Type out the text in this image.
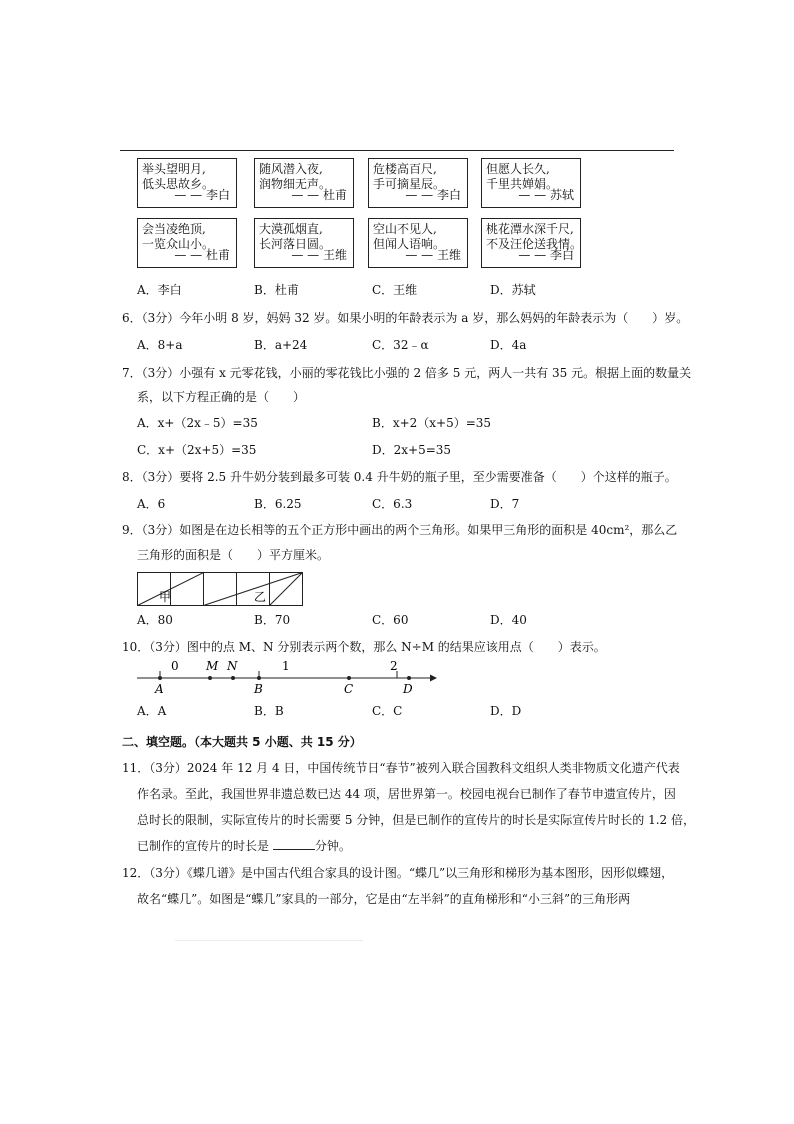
举头望明月,
低头思故乡。
— — 李白
随风潜入夜,
润物细无声。
— — 杜甫
危楼高百尺,
手可摘星辰。
— — 李白
但愿人长久,
千里共婵娟。
— — 苏轼
会当凌绝顶,
一览众山小。
— — 杜甫
大漠孤烟直,
长河落日圆。
— — 王维
空山不见人,
但闻人语响。
— — 王维
桃花潭水深千尺,
不及汪伦送我情。
— — 李白
A．李白	B．杜甫	C．王维	D．苏轼
6．（3分）今年小明 8 岁，妈妈 32 岁。如果小明的年龄表示为 a 岁，那么妈妈的年龄表示为（　　）岁。
A．8+a	B．a+24	C．32﹣α	D．4a
7．（3分）小强有 x 元零花钱，小丽的零花钱比小强的 2 倍多 5 元，两人一共有 35 元。根据上面的数量关
系，以下方程正确的是（　　）
A．x+（2x﹣5）=35	B．x+2（x+5）=35
C．x+（2x+5）=35	D．2x+5=35
8．（3分）要将 2.5 升牛奶分装到最多可装 0.4 升牛奶的瓶子里，至少需要准备（　　）个这样的瓶子。
A．6	B．6.25	C．6.3	D．7
9．（3分）如图是在边长相等的五个正方形中画出的两个三角形。如果甲三角形的面积是 40cm²，那么乙
三角形的面积是（　　）平方厘米。
甲	乙
A．80	B．70	C．60	D．40
10．（3分）图中的点 M、N 分别表示两个数，那么 N÷M 的结果应该用点（　　）表示。
0 M N	1	2
A	B	C	D
A．A	B．B	C．C	D．D
二、填空题。（本大题共 5 小题、共 15 分）
11．（3分）2024 年 12 月 4 日，中国传统节日“春节”被列入联合国教科文组织人类非物质文化遗产代表
作名录。至此，我国世界非遗总数已达 44 项，居世界第一。校园电视台已制作了春节申遗宣传片，因
总时长的限制，实际宣传片的时长需要 5 分钟，但是已制作的宣传片的时长是实际宣传片时长的 1.2 倍，
已制作的宣传片的时长是	分钟。
12．（3分）《蝶几谱》是中国古代组合家具的设计图。“蝶几”以三角形和梯形为基本图形，因形似蝶翅，
故名“蝶几”。如图是“蝶几”家具的一部分，它是由“左半斜”的直角梯形和“小三斜”的三角形两
